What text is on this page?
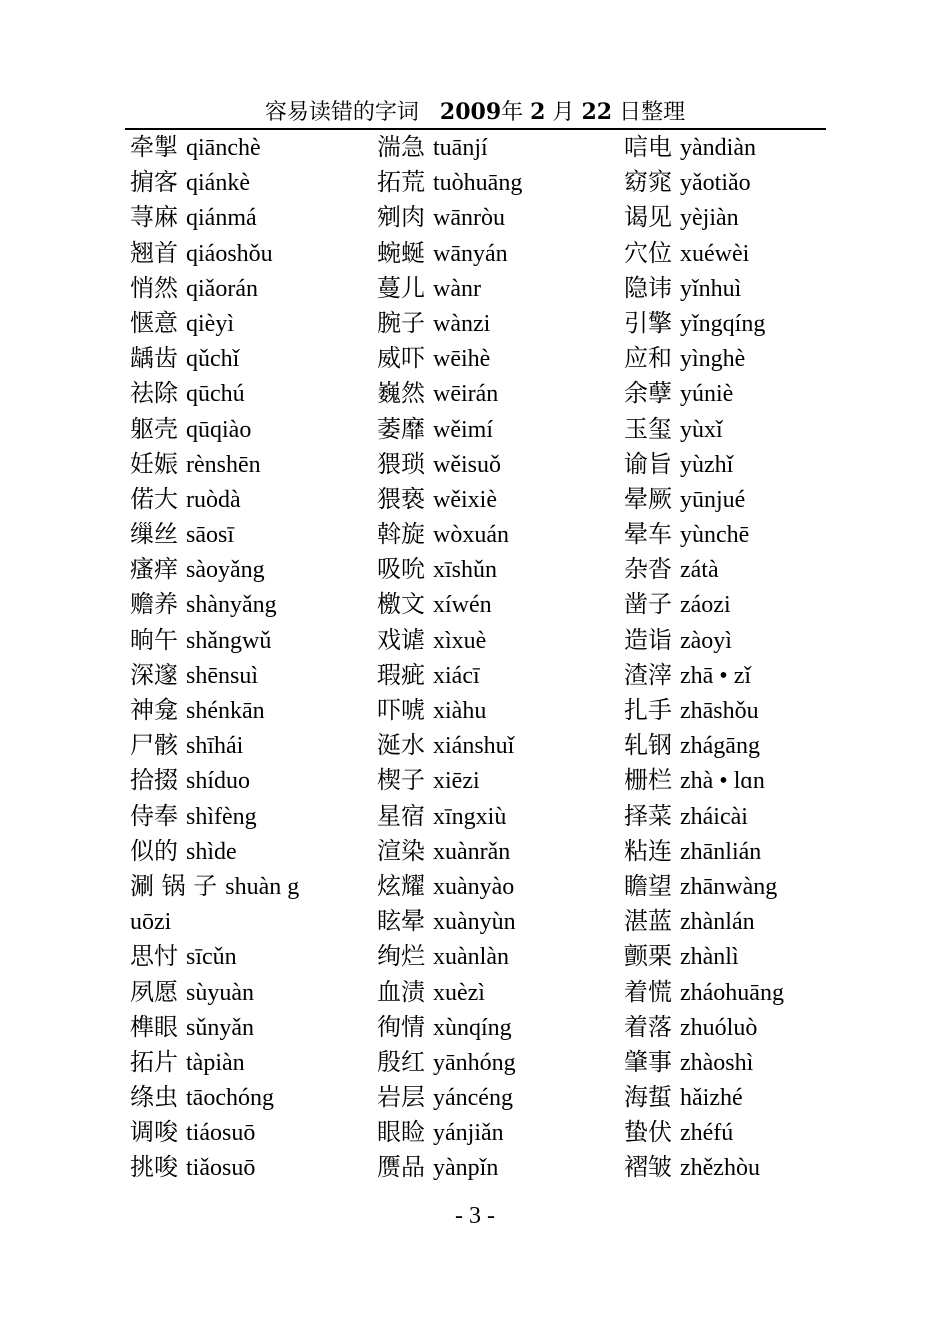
容易读错的字词 2009年 2 月 22 日整理
牵掣 qiānchè
掮客 qiánkè
荨麻 qiánmá
翘首 qiáoshǒu
悄然 qiǎorán
惬意 qièyì
龋齿 qǔchǐ
祛除 qūchú
躯壳 qūqiào
妊娠 rènshēn
偌大 ruòdà
缫丝 sāosī
瘙痒 sàoyǎng
赡养 shànyǎng
晌午 shǎngwǔ
深邃 shēnsuì
神龛 shénkān
尸骸 shīhái
拾掇 shíduo
侍奉 shìfèng
似的 shìde
涮 锅 子 shuàn g
uōzi
思忖 sīcǔn
夙愿 sùyuàn
榫眼 sǔnyǎn
拓片 tàpiàn
绦虫 tāochóng
调唆 tiáosuō
挑唆 tiǎosuō
湍急 tuānjí
拓荒 tuòhuāng
剜肉 wānròu
蜿蜒 wānyán
蔓儿 wànr
腕子 wànzi
威吓 wēihè
巍然 wēirán
萎靡 wěimí
猥琐 wěisuǒ
猥亵 wěixiè
斡旋 wòxuán
吸吮 xīshǔn
檄文 xíwén
戏谑 xìxuè
瑕疵 xiácī
吓唬 xiàhu
涎水 xiánshuǐ
楔子 xiēzi
星宿 xīngxiù
渲染 xuànrǎn
炫耀 xuànyào
眩晕 xuànyùn
绚烂 xuànlàn
血渍 xuèzì
徇情 xùnqíng
殷红 yānhóng
岩层 yáncéng
眼睑 yánjiǎn
赝品 yànpǐn
唁电 yàndiàn
窈窕 yǎotiǎo
谒见 yèjiàn
穴位 xuéwèi
隐讳 yǐnhuì
引擎 yǐngqíng
应和 yìnghè
余孽 yúniè
玉玺 yùxǐ
谕旨 yùzhǐ
晕厥 yūnjué
晕车 yùnchē
杂沓 zátà
凿子 záozi
造诣 zàoyì
渣滓 zhā • zǐ
扎手 zhāshǒu
轧钢 zhágāng
栅栏 zhà • lɑn
择菜 zháicài
粘连 zhānlián
瞻望 zhānwàng
湛蓝 zhànlán
颤栗 zhànlì
着慌 zháohuāng
着落 zhuóluò
肇事 zhàoshì
海蜇 hǎizhé
蛰伏 zhéfú
褶皱 zhězhòu
- 3 -
